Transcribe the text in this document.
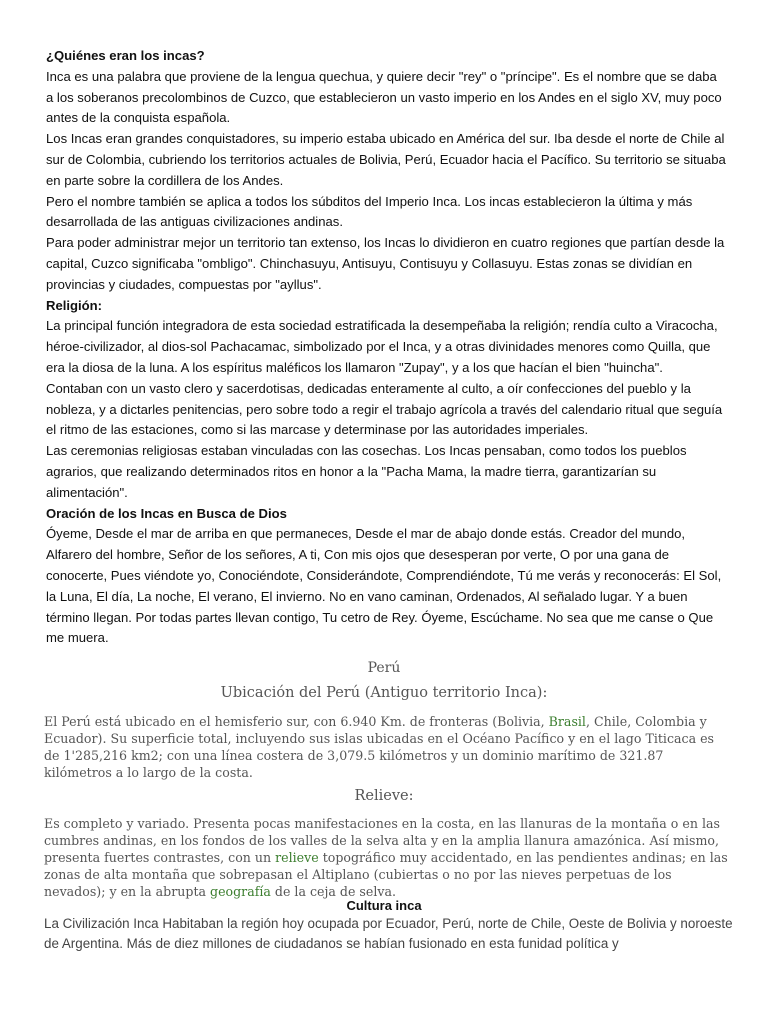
¿Quiénes eran los incas?

Inca es una palabra que proviene de la lengua quechua, y quiere decir "rey" o "príncipe". Es el nombre que se daba a los soberanos precolombinos de Cuzco, que establecieron un vasto imperio en los Andes en el siglo XV, muy poco antes de la conquista española.

Los Incas eran grandes conquistadores, su imperio estaba ubicado en América del sur. Iba desde el norte de Chile al sur de Colombia, cubriendo los territorios actuales de Bolivia, Perú, Ecuador hacia el Pacífico. Su territorio se situaba en parte sobre la cordillera de los Andes.

Pero el nombre también se aplica a todos los súbditos del Imperio Inca. Los incas establecieron la última y más desarrollada de las antiguas civilizaciones andinas.

Para poder administrar mejor un territorio tan extenso, los Incas lo dividieron en cuatro regiones que partían desde la capital, Cuzco significaba "ombligo". Chinchasuyu, Antisuyu, Contisuyu y Collasuyu. Estas zonas se dividían en provincias y ciudades, compuestas por "ayllus".

Religión:

La principal función integradora de esta sociedad estratificada la desempeñaba la religión; rendía culto a Viracocha, héroe-civilizador, al dios-sol Pachacamac, simbolizado por el Inca, y a otras divinidades menores como Quilla, que era la diosa de la luna. A los espíritus maléficos los llamaron "Zupay", y a los que hacían el bien "huincha".

Contaban con un vasto clero y sacerdotisas, dedicadas enteramente al culto, a oír confecciones del pueblo y la nobleza, y a dictarles penitencias, pero sobre todo a regir el trabajo agrícola a través del calendario ritual que seguía el ritmo de las estaciones, como si las marcase y determinase por las autoridades imperiales.

Las ceremonias religiosas estaban vinculadas con las cosechas. Los Incas pensaban, como todos los pueblos agrarios, que realizando determinados ritos en honor a la "Pacha Mama, la madre tierra, garantizarían su alimentación".

Oración de los Incas en Busca de Dios

Óyeme, Desde el mar de arriba en que permaneces, Desde el mar de abajo donde estás. Creador del mundo, Alfarero del hombre, Señor de los señores, A ti, Con mis ojos que desesperan por verte, O por una gana de conocerte, Pues viéndote yo, Conociéndote, Considerándote, Comprendiéndote, Tú me verás y reconocerás: El Sol, la Luna, El día, La noche, El verano, El invierno. No en vano caminan, Ordenados, Al señalado lugar. Y a buen término llegan. Por todas partes llevan contigo, Tu cetro de Rey. Óyeme, Escúchame. No sea que me canse o Que me muera.

Perú
Ubicación del Perú (Antiguo territorio Inca):

El Perú está ubicado en el hemisferio sur, con 6.940 Km. de fronteras (Bolivia, Brasil, Chile, Colombia y Ecuador). Su superficie total, incluyendo sus islas ubicadas en el Océano Pacífico y en el lago Titicaca es de 1'285,216 km2; con una línea costera de 3,079.5 kilómetros y un dominio marítimo de 321.87 kilómetros a lo largo de la costa.

Relieve:

Es completo y variado. Presenta pocas manifestaciones en la costa, en las llanuras de la montaña o en las cumbres andinas, en los fondos de los valles de la selva alta y en la amplia llanura amazónica. Así mismo, presenta fuertes contrastes, con un relieve topográfico muy accidentado, en las pendientes andinas; en las zonas de alta montaña que sobrepasan el Altiplano (cubiertas o no por las nieves perpetuas de los nevados); y en la abrupta geografía de la ceja de selva.

Cultura inca

La Civilización Inca Habitaban la región hoy ocupada por Ecuador, Perú, norte de Chile, Oeste de Bolivia y noroeste de Argentina. Más de diez millones de ciudadanos se habían fusionado en esta funidad política y
